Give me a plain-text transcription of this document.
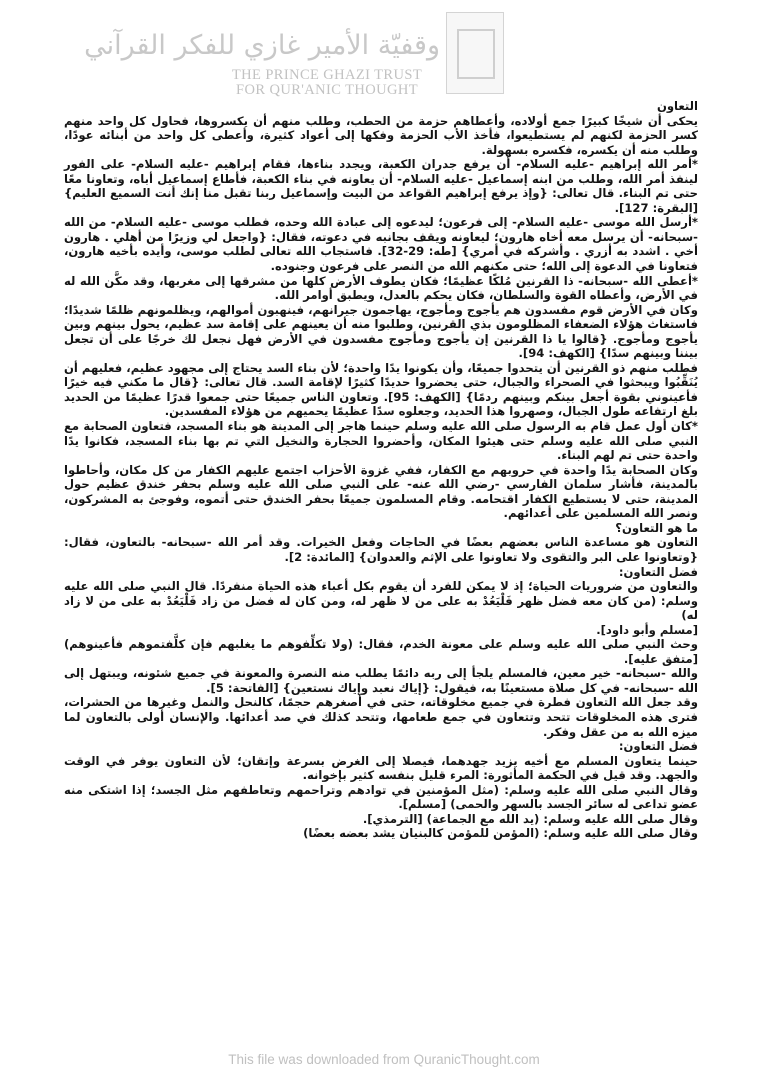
وقفيّة الأمير غازي للفكر القرآني
THE PRINCE GHAZI TRUST
FOR QUR'ANIC THOUGHT

التعاون

يحكى أن شيخًا كبيرًا جمع أولاده، وأعطاهم حزمة من الحطب، وطلب منهم أن يكسروها، فحاول كل واحد منهم كسر الحزمة لكنهم لم يستطيعوا، فأخذ الأب الحزمة وفكها إلى أعواد كثيرة، وأعطى كل واحد من أبنائه عودًا، وطلب منه أن يكسره، فكسره بسهولة.

*أمر الله إبراهيم -عليه السلام- أن يرفع جدران الكعبة، ويجدد بناءها، فقام إبراهيم -عليه السلام- على الفور لينفذ أمر الله، وطلب من ابنه إسماعيل -عليه السلام- أن يعاونه في بناء الكعبة، فأطاع إسماعيل أباه، وتعاونا معًا حتى تم البناء. قال تعالى: {وإذ يرفع إبراهيم القواعد من البيت وإسماعيل ربنا تقبل منا إنك أنت السميع العليم} [البقرة: 127].

*أرسل الله موسى -عليه السلام- إلى فرعون؛ ليدعوه إلى عبادة الله وحده، فطلب موسى -عليه السلام- من الله -سبحانه- أن يرسل معه أخاه هارون؛ ليعاونه ويقف بجانبه في دعوته، فقال: {واجعل لي وزيرًا من أهلي . هارون أخي . اشدد به أزري . وأشركه في أمري} [طه: 29-32]. فاستجاب الله تعالى لطلب موسى، وأيده بأخيه هارون، فتعاونا في الدعوة إلى الله؛ حتى مكنهم الله من النصر على فرعون وجنوده.

*أعطى الله -سبحانه- ذا القرنين مُلكًا عظيمًا؛ فكان يطوف الأرض كلها من مشرقها إلى مغربها، وقد مكَّن الله له في الأرض، وأعطاه القوة والسلطان، فكان يحكم بالعدل، ويطبق أوامر الله.

وكان في الأرض قوم مفسدون هم يأجوج ومأجوج، يهاجمون جيرانهم، فينهبون أموالهم، ويظلمونهم ظلمًا شديدًا؛ فاستغاث هؤلاء الضعفاء المظلومون بذي القرنين، وطلبوا منه أن يعينهم على إقامة سد عظيم، يحول بينهم وبين يأجوج ومأجوج. {قالوا يا ذا القرنين إن يأجوج ومأجوج مفسدون في الأرض فهل نجعل لك خرجًا على أن تجعل بيننا وبينهم سدًا} [الكهف: 94].

فطلب منهم ذو القرنين أن يتحدوا جميعًا، وأن يكونوا يدًا واحدة؛ لأن بناء السد يحتاج إلى مجهود عظيم، فعليهم أن يُنَقِّبُوا ويبحثوا في الصحراء والجبال، حتى يحضروا حديدًا كثيرًا لإقامة السد. قال تعالى: {قال ما مكني فيه خيرًا فأعينوني بقوة أجعل بينكم وبينهم ردمًا} [الكهف: 95]. وتعاون الناس جميعًا حتى جمعوا قدرًا عظيمًا من الحديد بلغ ارتفاعه طول الجبال، وصهروا هذا الحديد، وجعلوه سدًا عظيمًا يحميهم من هؤلاء المفسدين.

*كان أول عمل قام به الرسول صلى الله عليه وسلم حينما هاجر إلى المدينة هو بناء المسجد، فتعاون الصحابة مع النبي صلى الله عليه وسلم حتى هيئوا المكان، وأحضروا الحجارة والنخيل التي تم بها بناء المسجد، فكانوا يدًا واحدة حتى تم لهم البناء.

وكان الصحابة يدًا واحدة في حروبهم مع الكفار، ففي غزوة الأحزاب اجتمع عليهم الكفار من كل مكان، وأحاطوا بالمدينة، فأشار سلمان الفارسي -رضي الله عنه- على النبي صلى الله عليه وسلم بحفر خندق عظيم حول المدينة، حتى لا يستطيع الكفار اقتحامه. وقام المسلمون جميعًا بحفر الخندق حتى أتموه، وفوجئ به المشركون، ونصر الله المسلمين على أعدائهم.

ما هو التعاون؟

التعاون هو مساعدة الناس بعضهم بعضًا في الحاجات وفعل الخيرات. وقد أمر الله -سبحانه- بالتعاون، فقال: {وتعاونوا على البر والتقوى ولا تعاونوا على الإثم والعدوان} [المائدة: 2].

فضل التعاون:

والتعاون من ضروريات الحياة؛ إذ لا يمكن للفرد أن يقوم بكل أعباء هذه الحياة منفردًا. قال النبي صلى الله عليه وسلم: (من كان معه فضل ظهر فَلْيَعُدْ به على من لا ظهر له، ومن كان له فضل من زاد فَلْيَعُدْ به على من لا زاد له)

[مسلم وأبو داود].

وحث النبي صلى الله عليه وسلم على معونة الخدم، فقال: (ولا تكلِّفوهم ما يغلبهم فإن كلَّفتموهم فأعينوهم) [متفق عليه].

والله -سبحانه- خير معين، فالمسلم يلجأ إلى ربه دائمًا يطلب منه النصرة والمعونة في جميع شئونه، ويبتهل إلى الله -سبحانه- في كل صلاة مستعينًا به، فيقول: {إياك نعبد وإياك نستعين} [الفاتحة: 5].

وقد جعل الله التعاون فطرة في جميع مخلوقاته، حتى في أصغرهم حجمًا، كالنحل والنمل وغيرها من الحشرات، فترى هذه المخلوقات تتحد وتتعاون في جمع طعامها، وتتحد كذلك في صد أعدائها. والإنسان أولى بالتعاون لما ميزه الله به من عقل وفكر.

فضل التعاون:

حينما يتعاون المسلم مع أخيه يزيد جهدهما، فيصلا إلى الغرض بسرعة وإتقان؛ لأن التعاون يوفر في الوقت والجهد. وقد قيل في الحكمة المأثورة: المرء قليل بنفسه كثير بإخوانه.

وقال النبي صلى الله عليه وسلم: (مثل المؤمنين في توادهم وتراحمهم وتعاطفهم مثل الجسد؛ إذا اشتكى منه عضو تداعى له سائر الجسد بالسهر والحمى) [مسلم].

وقال صلى الله عليه وسلم: (يد الله مع الجماعة) [الترمذي].

وقال صلى الله عليه وسلم: (المؤمن للمؤمن كالبنيان يشد بعضه بعضًا)

This file was downloaded from QuranicThought.com
